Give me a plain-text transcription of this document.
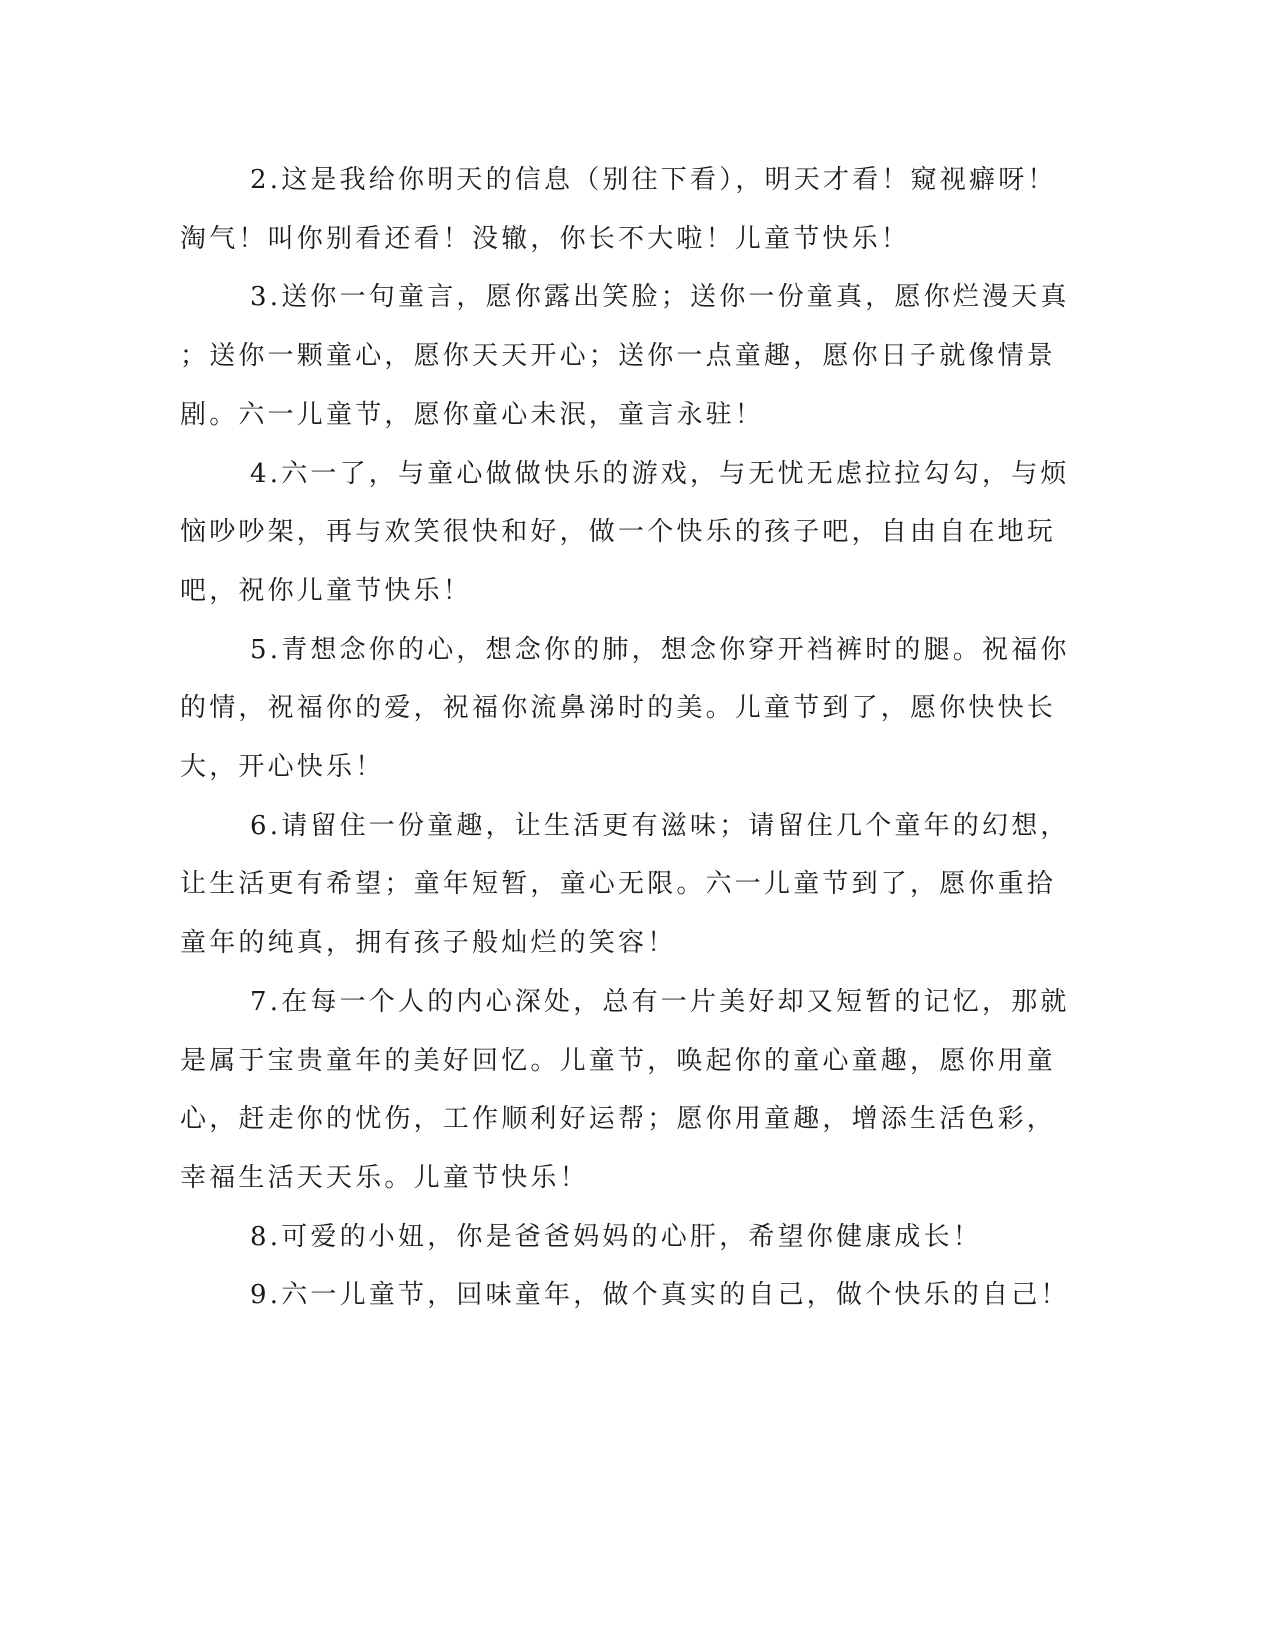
2.这是我给你明天的信息（别往下看），明天才看！窥视癖呀！
淘气！叫你别看还看！没辙，你长不大啦！儿童节快乐！

3.送你一句童言，愿你露出笑脸；送你一份童真，愿你烂漫天真
；送你一颗童心，愿你天天开心；送你一点童趣，愿你日子就像情景
剧。六一儿童节，愿你童心未泯，童言永驻！

4.六一了，与童心做做快乐的游戏，与无忧无虑拉拉勾勾，与烦
恼吵吵架，再与欢笑很快和好，做一个快乐的孩子吧，自由自在地玩
吧，祝你儿童节快乐！

5.青想念你的心，想念你的肺，想念你穿开裆裤时的腿。祝福你
的情，祝福你的爱，祝福你流鼻涕时的美。儿童节到了，愿你快快长
大，开心快乐！

6.请留住一份童趣，让生活更有滋味；请留住几个童年的幻想，
让生活更有希望；童年短暂，童心无限。六一儿童节到了，愿你重拾
童年的纯真，拥有孩子般灿烂的笑容！

7.在每一个人的内心深处，总有一片美好却又短暂的记忆，那就
是属于宝贵童年的美好回忆。儿童节，唤起你的童心童趣，愿你用童
心，赶走你的忧伤，工作顺利好运帮；愿你用童趣，增添生活色彩，
幸福生活天天乐。儿童节快乐！

8.可爱的小妞，你是爸爸妈妈的心肝，希望你健康成长！

9.六一儿童节，回味童年，做个真实的自己，做个快乐的自己！
